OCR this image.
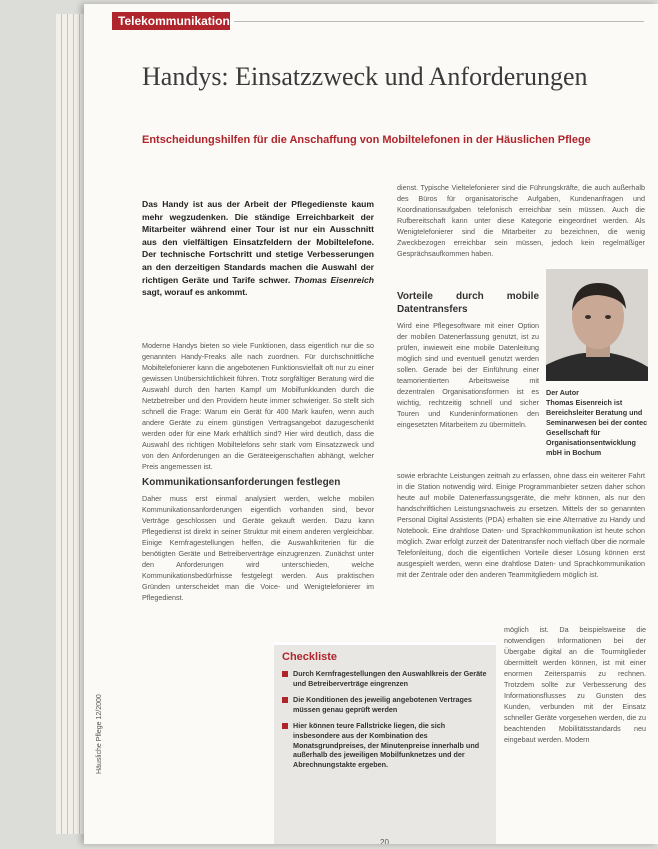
Telekommunikation
Handys: Einsatzzweck und Anforderungen
Entscheidungshilfen für die Anschaffung von Mobiltelefonen in der Häuslichen Pflege
Das Handy ist aus der Arbeit der Pflegedienste kaum mehr wegzudenken. Die ständige Erreichbarkeit der Mitarbeiter während einer Tour ist nur ein Ausschnitt aus den vielfältigen Einsatzfeldern der Mobiltelefone. Der technische Fortschritt und stetige Verbesserungen an den derzeitigen Standards machen die Auswahl der richtigen Geräte und Tarife schwer. Thomas Eisenreich sagt, worauf es ankommt.
Moderne Handys bieten so viele Funktionen, dass eigentlich nur die so genannten Handy-Freaks alle nach zuordnen. Für durchschnittliche Mobiltelefonierer kann die angebotenen Funktionsvielfalt oft nur zu einer gewissen Unübersichtlichkeit führen. Trotz sorgfältiger Beratung wird die Auswahl durch den harten Kampf um Mobilfunkkunden durch die Netzbetreiber und den Providern heute immer schwieriger. So stellt sich schnell die Frage: Warum ein Gerät für 400 Mark kaufen, wenn auch andere Geräte zu einem günstigen Vertragsangebot dazugeschenkt werden oder für eine Mark erhältlich sind? Hier wird deutlich, dass die Auswahl des richtigen Mobiltelefons sehr stark vom Einsatzzweck und von den Anforderungen an die Geräteeigenschaften abhängt, welcher Preis angemessen ist.
Kommunikationsanforderungen festlegen
Daher muss erst einmal analysiert werden, welche mobilen Kommunikationsanforderungen eigentlich vorhanden sind, bevor Verträge geschlossen und Geräte gekauft werden. Dazu kann Pflegedienst ist direkt in seiner Struktur mit einem anderen vergleichbar. Einige Kernfragestellungen helfen, die Auswahlkriterien für die benötigten Geräte und Betreiberverträge einzugrenzen. Zunächst unter den Anforderungen wird unterschieden, welche Kommunikationsbedürfnisse festgelegt werden. Aus praktischen Gründen unterscheidet man die Voice- und Wenigtelefonierer im Pflegedienst.
dienst. Typische Vieltelefonierer sind die Führungskräfte, die auch außerhalb des Büros für organisatorische Aufgaben, Kundenanfragen und Koordinationsaufgaben telefonisch erreichbar sein müssen. Auch die Rufbereitschaft kann unter diese Kategorie eingeordnet werden. Als Wenigtelefonierer sind die Mitarbeiter zu bezeichnen, die wenig Zweckbezogen erreichbar sein müssen, jedoch kein regelmäßiger Gesprächsaufkommen haben.
Vorteile durch mobile Datentransfers
Wird eine Pflegesoftware mit einer Option der mobilen Datenerfassung genutzt, ist zu prüfen, inwieweit eine mobile Datenleitung möglich sind und eventuell genutzt werden sollen. Gerade bei der Einführung einer teamorientierten Arbeitsweise mit dezentralen Organisationsformen ist es wichtig, rechtzeitig schnell und sicher Touren und Kundeninformationen den eingesetzten Mitarbeitern zu übermitteln.
sowie erbrachte Leistungen zeitnah zu erfassen, ohne dass ein weiterer Fahrt in die Station notwendig wird. Einige Programmanbieter setzen daher schon heute auf mobile Datenerfassungsgeräte, die mehr können, als nur den handschriftlichen Leistungsnachweis zu ersetzen. Mittels der so genannten Personal Digital Assistents (PDA) erhalten sie eine Alternative zu Handy und Notebook. Eine drahtlose Daten- und Sprachkommunikation ist heute schon möglich. Zwar erfolgt zurzeit der Datentransfer noch vielfach über die normale Telefonleitung, doch die eigentlichen Vorteile dieser Lösung können erst ausgespielt werden, wenn eine drahtlose Daten- und Sprachkommunikation mit der Zentrale oder den anderen Teammitgliedern möglich ist.
möglich ist. Da beispielsweise die notwendigen Informationen bei der Übergabe digital an die Tourmitglieder übermittelt werden können, ist mit einer enormen Zeitersparnis zu rechnen. Trotzdem sollte zur Verbesserung des Informationsflusses zu Gunsten des Kunden, verbunden mit der Einsatz schneller Geräte vorgesehen werden, die zu beachtenden Mobilitätsstandards neu eingebaut werden. Modern
Der Autor
Thomas Eisenreich ist Bereichsleiter Beratung und Seminarwesen bei der contec Gesellschaft für Organisationsentwicklung mbH in Bochum
Checkliste
Durch Kernfragestellungen den Auswahlkreis der Geräte und Betreiberverträge eingrenzen
Die Konditionen des jeweilig angebotenen Vertrages müssen genau geprüft werden
Hier können teure Fallstricke liegen, die sich insbesondere aus der Kombination des Monatsgrundpreises, der Minutenpreise innerhalb und außerhalb des jeweiligen Mobilfunknetzes und der Abrechnungstakte ergeben.
Häusliche Pflege 12/2000
20
